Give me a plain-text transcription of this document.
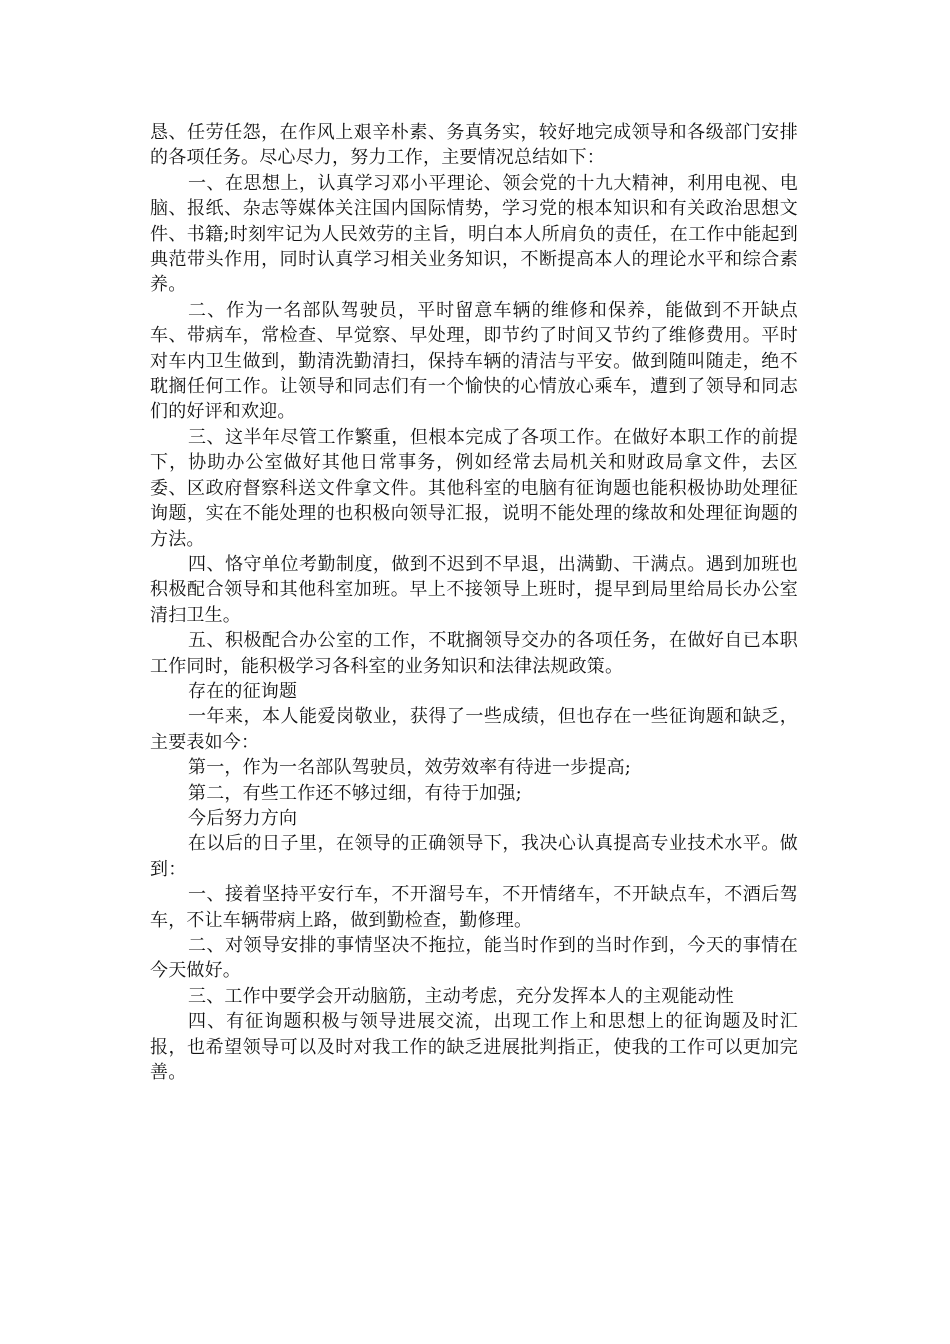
恳、任劳任怨，在作风上艰辛朴素、务真务实，较好地完成领导和各级部门安排的各项任务。尽心尽力，努力工作，主要情况总结如下：

一、在思想上，认真学习邓小平理论、领会党的十九大精神，利用电视、电脑、报纸、杂志等媒体关注国内国际情势，学习党的根本知识和有关政治思想文件、书籍;时刻牢记为人民效劳的主旨，明白本人所肩负的责任，在工作中能起到典范带头作用，同时认真学习相关业务知识，不断提高本人的理论水平和综合素养。

二、作为一名部队驾驶员，平时留意车辆的维修和保养，能做到不开缺点车、带病车，常检查、早觉察、早处理，即节约了时间又节约了维修费用。平时对车内卫生做到，勤清洗勤清扫，保持车辆的清洁与平安。做到随叫随走，绝不耽搁任何工作。让领导和同志们有一个愉快的心情放心乘车，遭到了领导和同志们的好评和欢迎。

三、这半年尽管工作繁重，但根本完成了各项工作。在做好本职工作的前提下，协助办公室做好其他日常事务，例如经常去局机关和财政局拿文件，去区委、区政府督察科送文件拿文件。其他科室的电脑有征询题也能积极协助处理征询题，实在不能处理的也积极向领导汇报，说明不能处理的缘故和处理征询题的方法。

四、恪守单位考勤制度，做到不迟到不早退，出满勤、干满点。遇到加班也积极配合领导和其他科室加班。早上不接领导上班时，提早到局里给局长办公室清扫卫生。

五、积极配合办公室的工作，不耽搁领导交办的各项任务，在做好自已本职工作同时，能积极学习各科室的业务知识和法律法规政策。

存在的征询题

一年来，本人能爱岗敬业，获得了一些成绩，但也存在一些征询题和缺乏，主要表如今：

第一，作为一名部队驾驶员，效劳效率有待进一步提高;

第二，有些工作还不够过细，有待于加强;

今后努力方向

在以后的日子里，在领导的正确领导下，我决心认真提高专业技术水平。做到：

一、接着坚持平安行车，不开溜号车，不开情绪车，不开缺点车，不酒后驾车，不让车辆带病上路，做到勤检查，勤修理。

二、对领导安排的事情坚决不拖拉，能当时作到的当时作到，今天的事情在今天做好。

三、工作中要学会开动脑筋，主动考虑，充分发挥本人的主观能动性

四、有征询题积极与领导进展交流，出现工作上和思想上的征询题及时汇报，也希望领导可以及时对我工作的缺乏进展批判指正，使我的工作可以更加完善。
